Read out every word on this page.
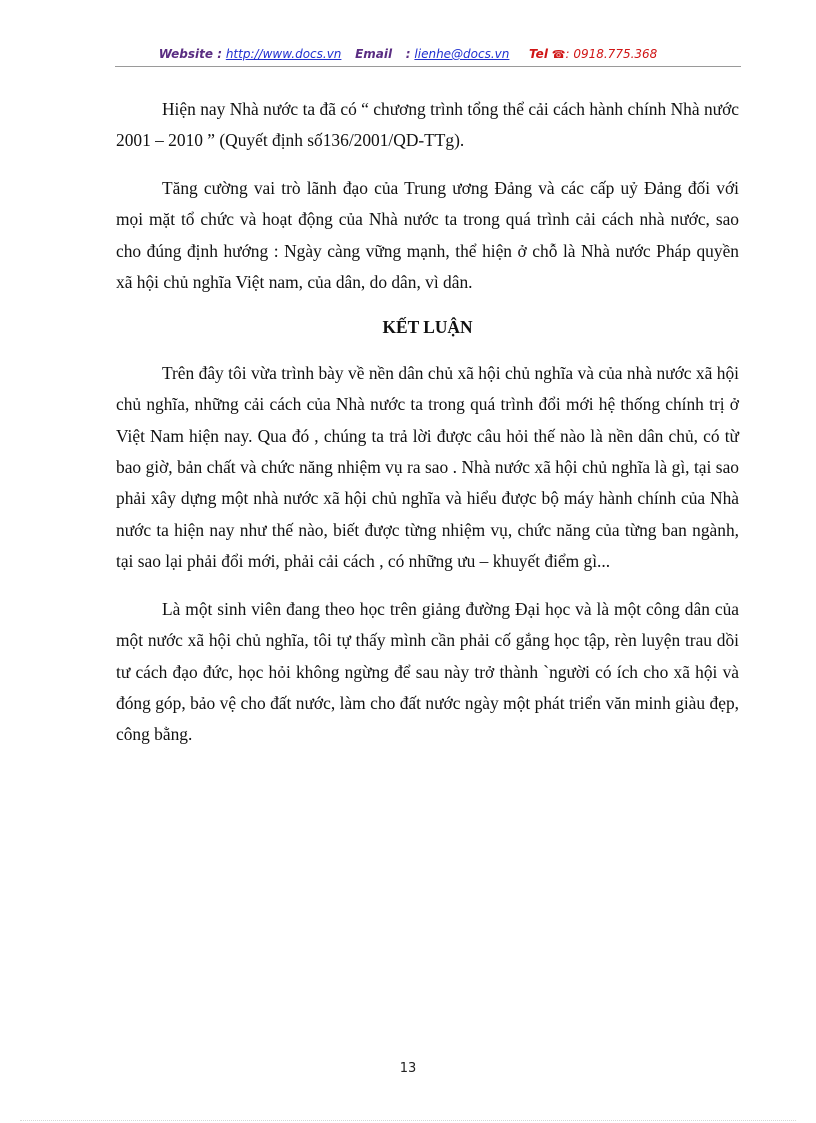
Website : http://www.docs.vn Email : lienhe@docs.vn Tel ☎: 0918.775.368

Hiện nay Nhà nước ta đã có “ chương trình tổng thể cải cách hành chính Nhà nước 2001 – 2010 ” (Quyết định số136/2001/QD-TTg).

Tăng cường vai trò lãnh đạo của Trung ương Đảng và các cấp uỷ Đảng đối với mọi mặt tổ chức và hoạt động của Nhà nước ta trong quá trình cải cách nhà nước, sao cho đúng định hướng : Ngày càng vững mạnh, thể hiện ở chỗ là Nhà nước Pháp quyền xã hội chủ nghĩa Việt nam, của dân, do dân, vì dân.

KẾT LUẬN

Trên đây tôi vừa trình bày về nền dân chủ xã hội chủ nghĩa và của nhà nước xã hội chủ nghĩa, những cải cách của Nhà nước ta trong quá trình đổi mới hệ thống chính trị ở Việt Nam hiện nay. Qua đó , chúng ta trả lời được câu hỏi thế nào là nền dân chủ, có từ bao giờ, bản chất và chức năng nhiệm vụ ra sao . Nhà nước xã hội chủ nghĩa là gì, tại sao phải xây dựng một nhà nước xã hội chủ nghĩa và hiểu được bộ máy hành chính của Nhà nước ta hiện nay như thế nào, biết được từng nhiệm vụ, chức năng của từng ban ngành, tại sao lại phải đổi mới, phải cải cách , có những ưu – khuyết điểm gì...

Là một sinh viên đang theo học trên giảng đường Đại học và là một công dân của một nước xã hội chủ nghĩa, tôi tự thấy mình cần phải cố gắng học tập, rèn luyện trau dồi tư cách đạo đức, học hỏi không ngừng để sau này trở thành `người có ích cho xã hội và đóng góp, bảo vệ cho đất nước, làm cho đất nước ngày một phát triển văn minh giàu đẹp, công bằng.

13
